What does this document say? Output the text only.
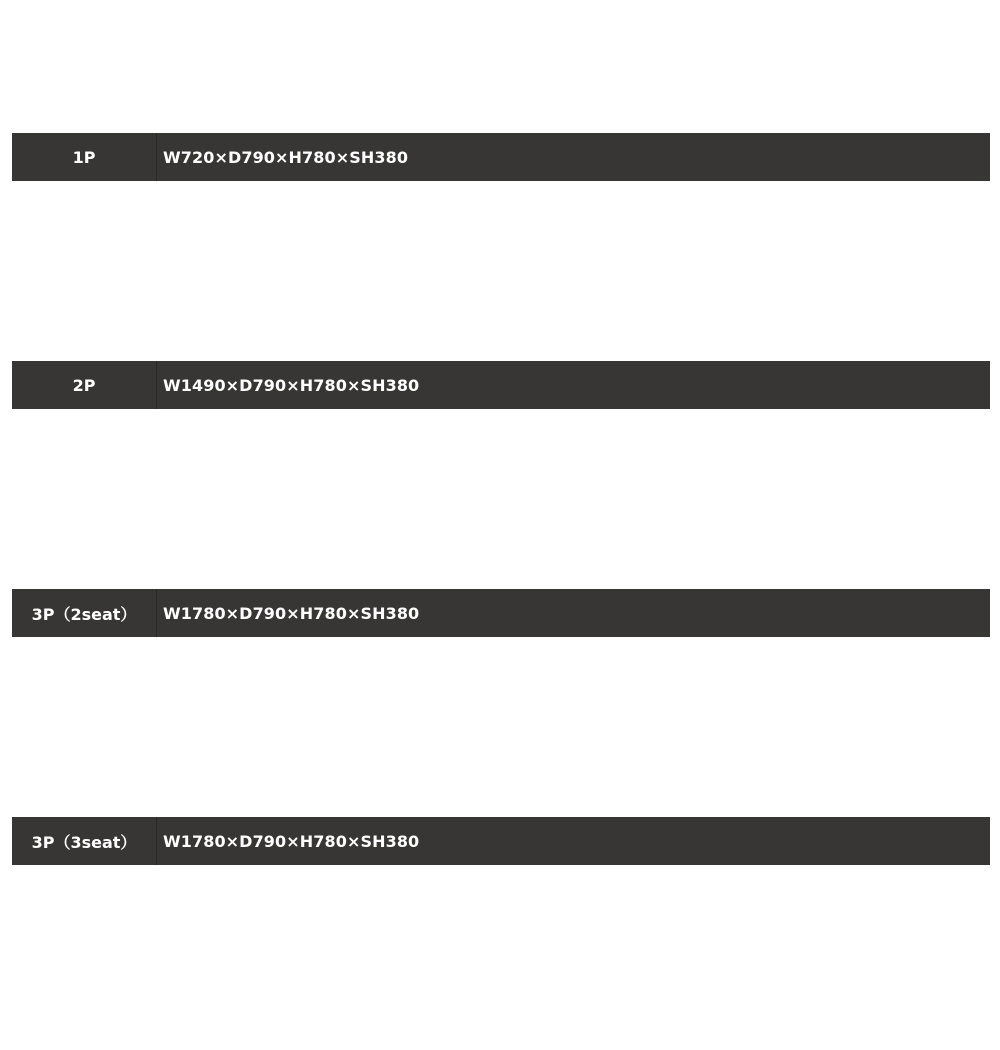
1P	W720×D790×H780×SH380
2P	W1490×D790×H780×SH380
3P（2seat）	W1780×D790×H780×SH380
3P（3seat）	W1780×D790×H780×SH380
